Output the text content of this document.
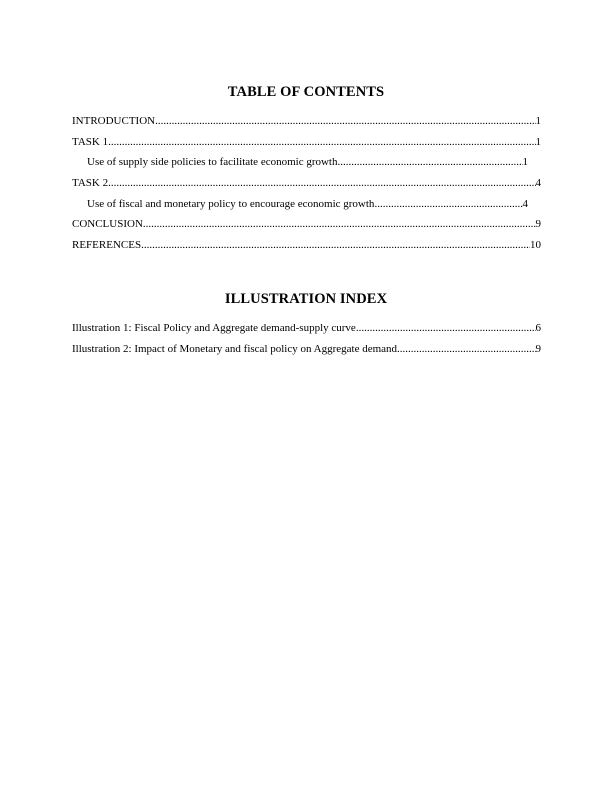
TABLE OF CONTENTS
INTRODUCTION .....	1
TASK 1 .....	1
Use of supply side policies to facilitate economic growth .....	1
TASK 2 .....	4
Use of fiscal and monetary policy to encourage economic growth .....	4
CONCLUSION .....	9
REFERENCES .....	10
ILLUSTRATION INDEX
Illustration 1: Fiscal Policy and Aggregate demand-supply curve .....	6
Illustration 2: Impact of Monetary and fiscal policy on Aggregate demand .....	9
